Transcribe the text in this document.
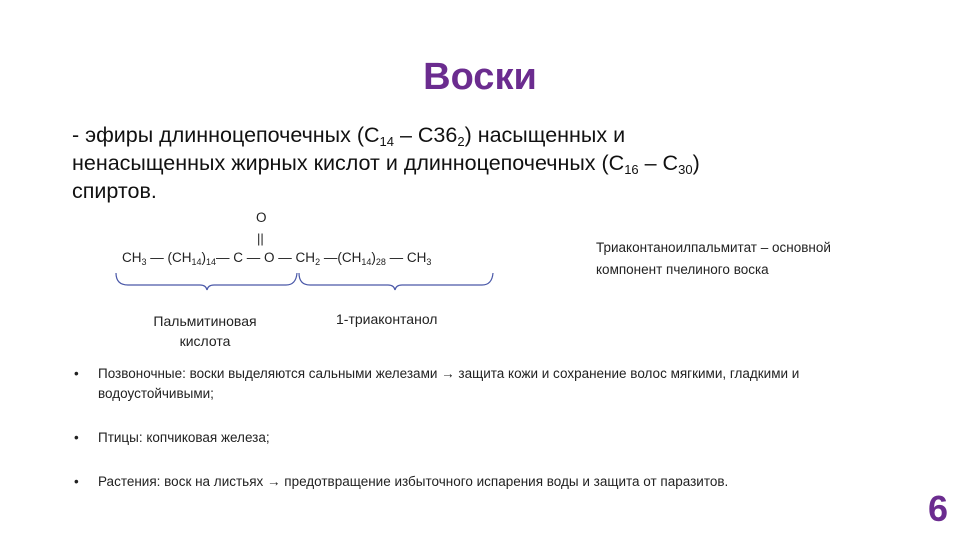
Воски
- эфиры длинноцепочечных $(C_{14} - C36_2)$ насыщенных и
ненасыщенных жирных кислот и длинноцепочечных $(C_{16} - C_{30})$
спиртов.
O
||
$CH_3$ — $(CH_{14})_{14}—$ C — O — $CH_2$ $—(CH_{14})_{28}$ — $CH_3$
Пальмитиновая кислота
1-триаконтанол
Триаконтаноилпальмитат – основной компонент пчелиного воска
• Позвоночные: воски выделяются сальными железами → защита кожи и сохранение волос мягкими, гладкими и водоустойчивыми;
• Птицы: копчиковая железа;
• Растения: воск на листьях → предотвращение избыточного испарения воды и защита от паразитов.
6
